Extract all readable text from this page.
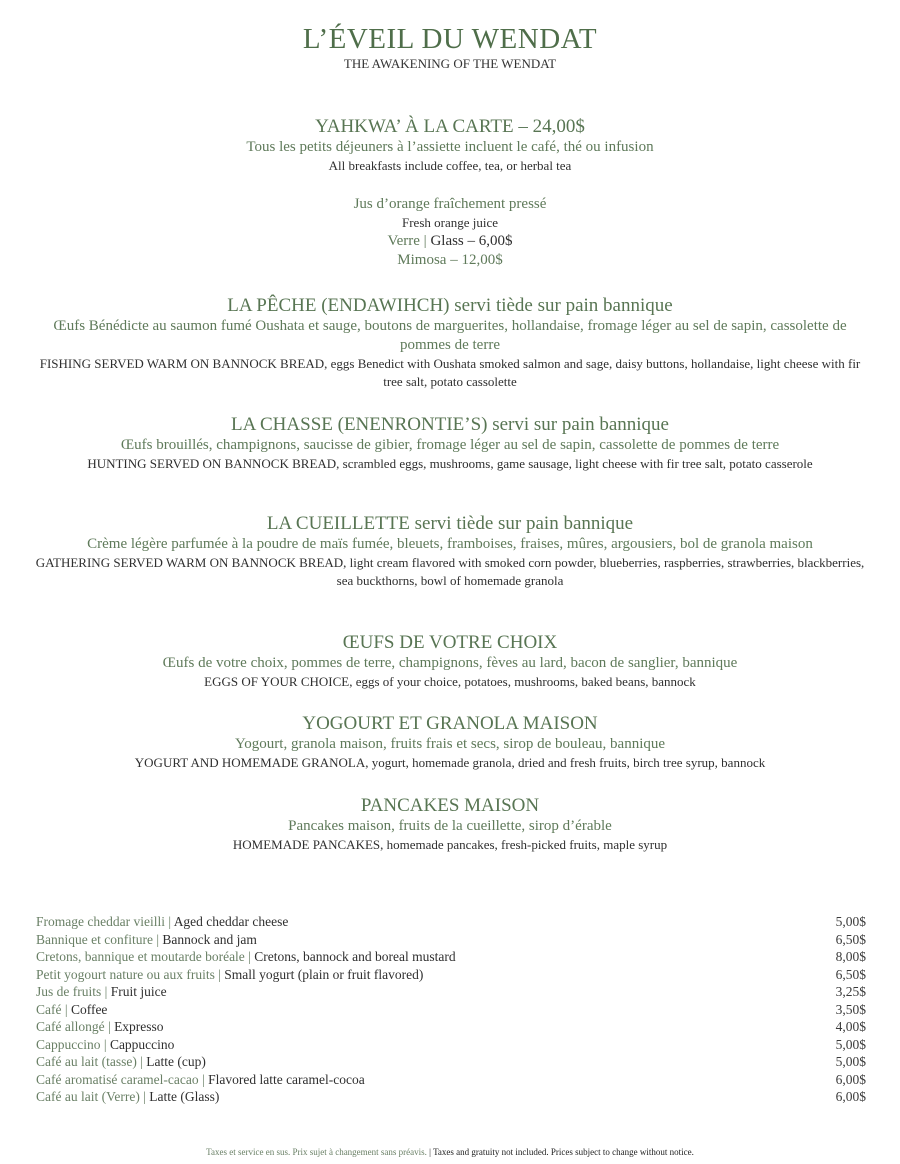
L’ÉVEIL DU WENDAT
THE AWAKENING OF THE WENDAT
YAHKWA’ À LA CARTE – 24,00$
Tous les petits déjeuners à l’assiette incluent le café, thé ou infusion
All breakfasts include coffee, tea, or herbal tea
Jus d’orange fraîchement pressé
Fresh orange juice
Verre | Glass – 6,00$
Mimosa – 12,00$
LA PÊCHE (ENDAWIHCH) servi tiède sur pain bannique
Œufs Bénédicte au saumon fumé Oushata et sauge, boutons de marguerites, hollandaise, fromage léger au sel de sapin, cassolette de pommes de terre
FISHING SERVED WARM ON BANNOCK BREAD, eggs Benedict with Oushata smoked salmon and sage, daisy buttons, hollandaise, light cheese with fir tree salt, potato cassolette
LA CHASSE (ENENRONTIE’S) servi sur pain bannique
Œufs brouillés, champignons, saucisse de gibier, fromage léger au sel de sapin, cassolette de pommes de terre
HUNTING SERVED ON BANNOCK BREAD, scrambled eggs, mushrooms, game sausage, light cheese with fir tree salt, potato casserole
LA CUEILLETTE servi tiède sur pain bannique
Crème légère parfumée à la poudre de maïs fumée, bleuets, framboises, fraises, mûres, argousiers, bol de granola maison
GATHERING SERVED WARM ON BANNOCK BREAD, light cream flavored with smoked corn powder, blueberries, raspberries, strawberries, blackberries, sea buckthorns, bowl of homemade granola
ŒUFS DE VOTRE CHOIX
Œufs de votre choix, pommes de terre, champignons, fèves au lard, bacon de sanglier, bannique
EGGS OF YOUR CHOICE, eggs of your choice, potatoes, mushrooms, baked beans, bannock
YOGOURT ET GRANOLA MAISON
Yogourt, granola maison, fruits frais et secs, sirop de bouleau, bannique
YOGURT AND HOMEMADE GRANOLA, yogurt, homemade granola, dried and fresh fruits, birch tree syrup, bannock
PANCAKES MAISON
Pancakes maison, fruits de la cueillette, sirop d’érable
HOMEMADE PANCAKES, homemade pancakes, fresh-picked fruits, maple syrup
Fromage cheddar vieilli | Aged cheddar cheese	5,00$
Bannique et confiture | Bannock and jam	6,50$
Cretons, bannique et moutarde boréale | Cretons, bannock and boreal mustard	8,00$
Petit yogourt nature ou aux fruits | Small yogurt (plain or fruit flavored)	6,50$
Jus de fruits | Fruit juice	3,25$
Café | Coffee	3,50$
Café allongé | Expresso	4,00$
Cappuccino | Cappuccino	5,00$
Café au lait (tasse) | Latte (cup)	5,00$
Café aromatisé caramel-cacao | Flavored latte caramel-cocoa	6,00$
Café au lait (Verre) | Latte (Glass)	6,00$
Taxes et service en sus. Prix sujet à changement sans préavis. | Taxes and gratuity not included. Prices subject to change without notice.
